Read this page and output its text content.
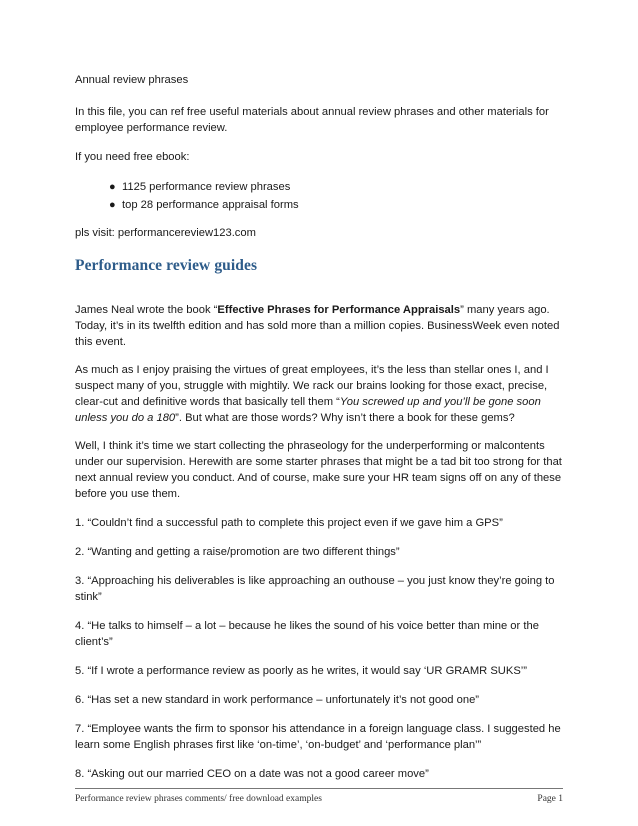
Annual review phrases

In this file, you can ref free useful materials about annual review phrases and other materials for employee performance review.

If you need free ebook:

● 1125 performance review phrases
● top 28 performance appraisal forms

pls visit: performancereview123.com

Performance review guides

James Neal wrote the book “Effective Phrases for Performance Appraisals” many years ago. Today, it’s in its twelfth edition and has sold more than a million copies. BusinessWeek even noted this event.

As much as I enjoy praising the virtues of great employees, it’s the less than stellar ones I, and I suspect many of you, struggle with mightily. We rack our brains looking for those exact, precise, clear-cut and definitive words that basically tell them “You screwed up and you’ll be gone soon unless you do a 180”. But what are those words? Why isn’t there a book for these gems?

Well, I think it’s time we start collecting the phraseology for the underperforming or malcontents under our supervision. Herewith are some starter phrases that might be a tad bit too strong for that next annual review you conduct. And of course, make sure your HR team signs off on any of these before you use them.

1. “Couldn’t find a successful path to complete this project even if we gave him a GPS”

2. “Wanting and getting a raise/promotion are two different things”

3. “Approaching his deliverables is like approaching an outhouse – you just know they’re going to stink”

4. “He talks to himself – a lot – because he likes the sound of his voice better than mine or the client’s”

5. “If I wrote a performance review as poorly as he writes, it would say ‘UR GRAMR SUKS’”

6. “Has set a new standard in work performance – unfortunately it’s not good one”

7. “Employee wants the firm to sponsor his attendance in a foreign language class. I suggested he learn some English phrases first like ‘on-time’, ‘on-budget’ and ‘performance plan’”

8. “Asking out our married CEO on a date was not a good career move”

Performance review phrases comments/ free download examples	Page 1
